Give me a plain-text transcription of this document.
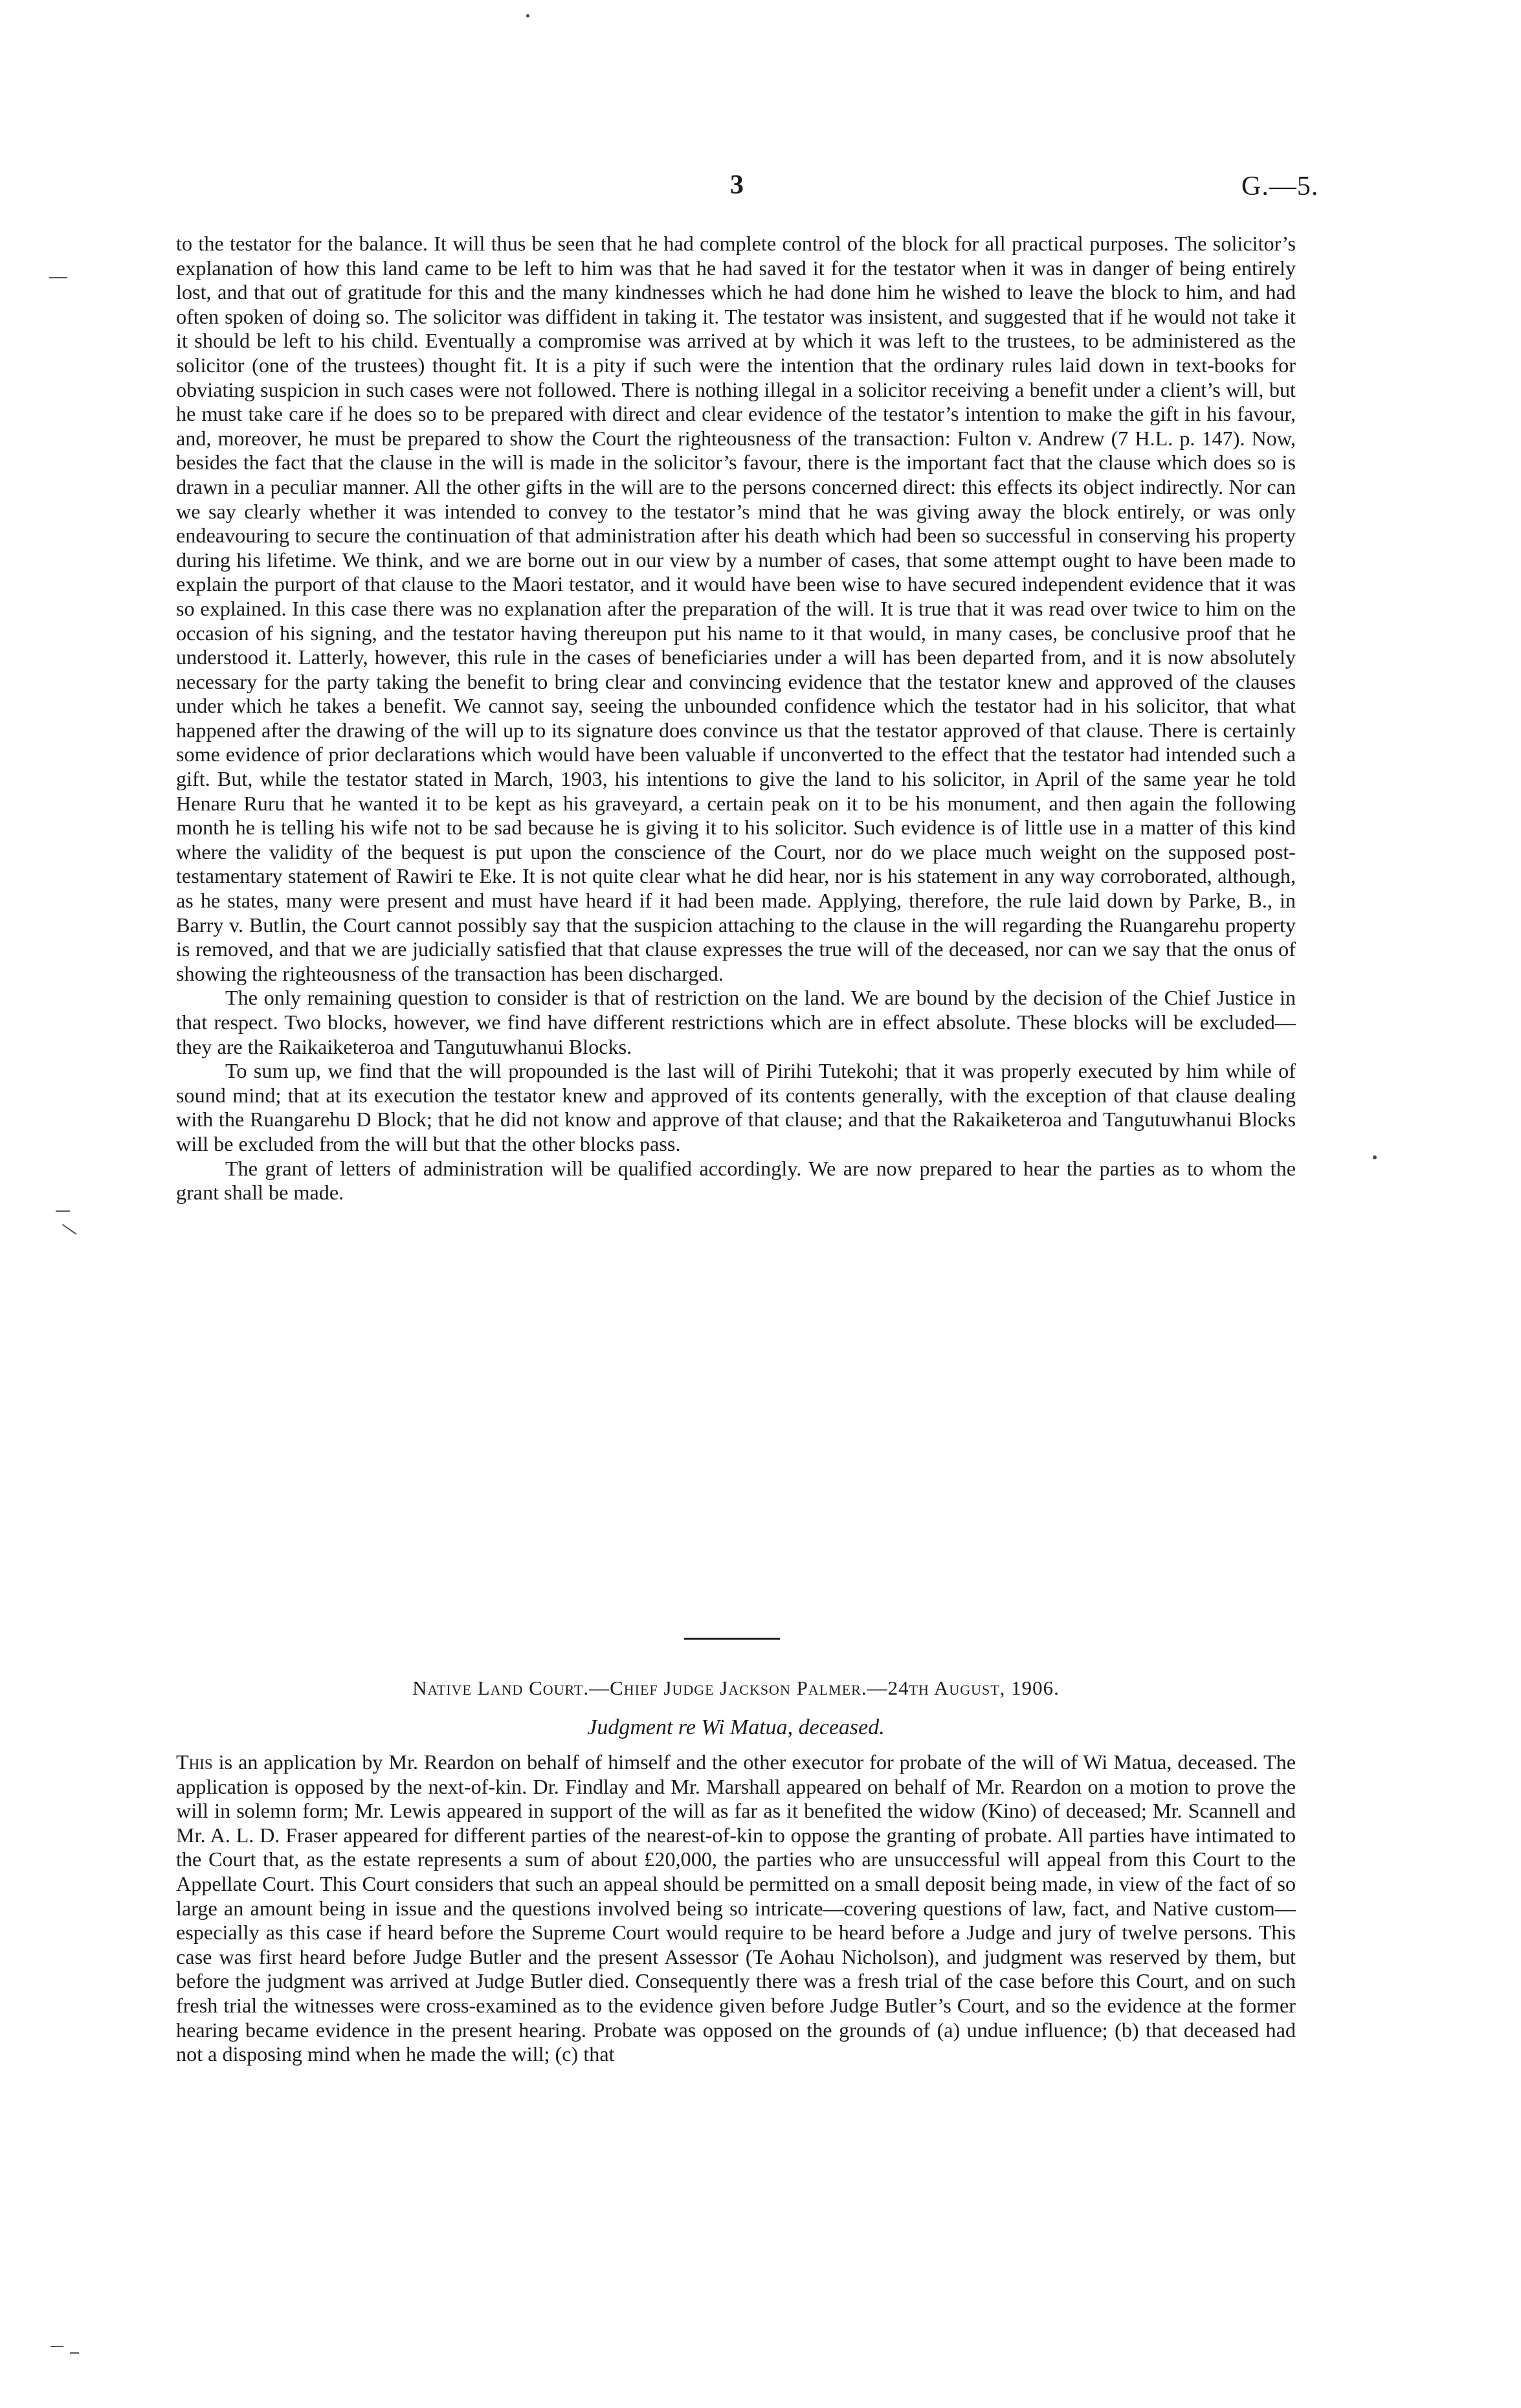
3	G.—5.

to the testator for the balance. It will thus be seen that he had complete control of the block for all practical purposes. The solicitor’s explanation of how this land came to be left to him was that he had saved it for the testator when it was in danger of being entirely lost, and that out of gratitude for this and the many kindnesses which he had done him he wished to leave the block to him, and had often spoken of doing so. The solicitor was diffident in taking it. The testator was insistent, and suggested that if he would not take it it should be left to his child. Eventually a compromise was arrived at by which it was left to the trustees, to be administered as the solicitor (one of the trustees) thought fit. It is a pity if such were the intention that the ordinary rules laid down in text-books for obviating suspicion in such cases were not followed. There is nothing illegal in a solicitor receiving a benefit under a client’s will, but he must take care if he does so to be prepared with direct and clear evidence of the testator’s intention to make the gift in his favour, and, moreover, he must be prepared to show the Court the righteousness of the transaction: Fulton v. Andrew (7 H.L. p. 147). Now, besides the fact that the clause in the will is made in the solicitor’s favour, there is the important fact that the clause which does so is drawn in a peculiar manner. All the other gifts in the will are to the persons concerned direct: this effects its object indirectly. Nor can we say clearly whether it was intended to convey to the testator’s mind that he was giving away the block entirely, or was only endeavouring to secure the continuation of that administration after his death which had been so successful in conserving his property during his lifetime. We think, and we are borne out in our view by a number of cases, that some attempt ought to have been made to explain the purport of that clause to the Maori testator, and it would have been wise to have secured independent evidence that it was so explained. In this case there was no explanation after the preparation of the will. It is true that it was read over twice to him on the occasion of his signing, and the testator having thereupon put his name to it that would, in many cases, be conclusive proof that he understood it. Latterly, however, this rule in the cases of beneficiaries under a will has been departed from, and it is now absolutely necessary for the party taking the benefit to bring clear and convincing evidence that the testator knew and approved of the clauses under which he takes a benefit. We cannot say, seeing the unbounded confidence which the testator had in his solicitor, that what happened after the drawing of the will up to its signature does convince us that the testator approved of that clause. There is certainly some evidence of prior declarations which would have been valuable if unconverted to the effect that the testator had intended such a gift. But, while the testator stated in March, 1903, his intentions to give the land to his solicitor, in April of the same year he told Henare Ruru that he wanted it to be kept as his graveyard, a certain peak on it to be his monument, and then again the following month he is telling his wife not to be sad because he is giving it to his solicitor. Such evidence is of little use in a matter of this kind where the validity of the bequest is put upon the conscience of the Court, nor do we place much weight on the supposed post-testamentary statement of Rawiri te Eke. It is not quite clear what he did hear, nor is his statement in any way corroborated, although, as he states, many were present and must have heard if it had been made. Applying, therefore, the rule laid down by Parke, B., in Barry v. Butlin, the Court cannot possibly say that the suspicion attaching to the clause in the will regarding the Ruangarehu property is removed, and that we are judicially satisfied that that clause expresses the true will of the deceased, nor can we say that the onus of showing the righteousness of the transaction has been discharged.

The only remaining question to consider is that of restriction on the land. We are bound by the decision of the Chief Justice in that respect. Two blocks, however, we find have different restrictions which are in effect absolute. These blocks will be excluded—they are the Raikaiketeroa and Tangutuwhanui Blocks.

To sum up, we find that the will propounded is the last will of Pirihi Tutekohi; that it was properly executed by him while of sound mind; that at its execution the testator knew and approved of its contents generally, with the exception of that clause dealing with the Ruangarehu D Block; that he did not know and approve of that clause; and that the Rakaiketeroa and Tangutuwhanui Blocks will be excluded from the will but that the other blocks pass.

The grant of letters of administration will be qualified accordingly. We are now prepared to hear the parties as to whom the grant shall be made.

Native Land Court.—Chief Judge Jackson Palmer.—24th August, 1906.
Judgment re Wi Matua, deceased.

This is an application by Mr. Reardon on behalf of himself and the other executor for probate of the will of Wi Matua, deceased. The application is opposed by the next-of-kin. Dr. Findlay and Mr. Marshall appeared on behalf of Mr. Reardon on a motion to prove the will in solemn form; Mr. Lewis appeared in support of the will as far as it benefited the widow (Kino) of deceased; Mr. Scannell and Mr. A. L. D. Fraser appeared for different parties of the nearest-of-kin to oppose the granting of probate. All parties have intimated to the Court that, as the estate represents a sum of about £20,000, the parties who are unsuccessful will appeal from this Court to the Appellate Court. This Court considers that such an appeal should be permitted on a small deposit being made, in view of the fact of so large an amount being in issue and the questions involved being so intricate—covering questions of law, fact, and Native custom—especially as this case if heard before the Supreme Court would require to be heard before a Judge and jury of twelve persons. This case was first heard before Judge Butler and the present Assessor (Te Aohau Nicholson), and judgment was reserved by them, but before the judgment was arrived at Judge Butler died. Consequently there was a fresh trial of the case before this Court, and on such fresh trial the witnesses were cross-examined as to the evidence given before Judge Butler’s Court, and so the evidence at the former hearing became evidence in the present hearing. Probate was opposed on the grounds of (a) undue influence; (b) that deceased had not a disposing mind when he made the will; (c) that
